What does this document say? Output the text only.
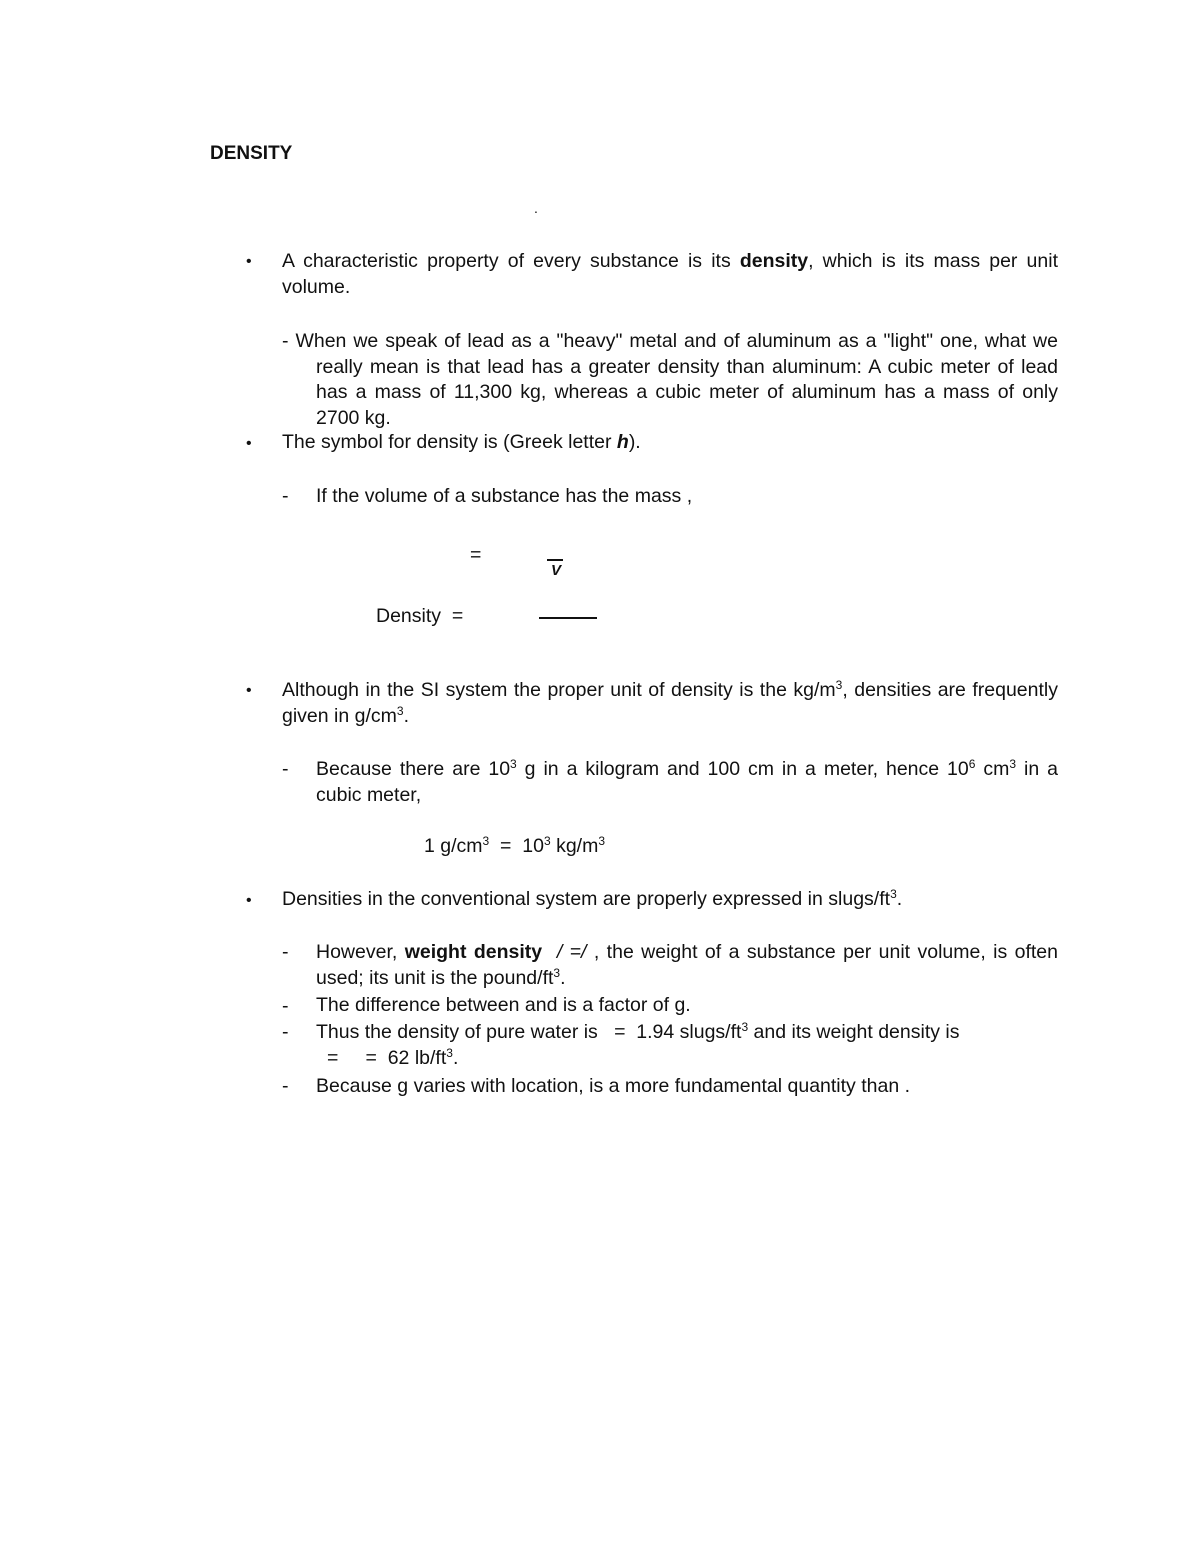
DENSITY
.
• A characteristic property of every substance is its density, which is its mass per unit volume.
- When we speak of lead as a "heavy" metal and of aluminum as a "light" one, what we really mean is that lead has a greater density than aluminum: A cubic meter of lead has a mass of 11,300 kg, whereas a cubic meter of aluminum has a mass of only 2700 kg.
• The symbol for density is (Greek letter h).
- If the volume of a substance has the mass ,
=
V
Density =
• Although in the SI system the proper unit of density is the $kg/m^3$, densities are frequently given in $g/cm^3$.
- Because there are $10^3$ g in a kilogram and 100 cm in a meter, hence $10^6$ $cm^3$ in a cubic meter,
1 $g/cm^3 = 10^3$ $kg/m^3$
• Densities in the conventional system are properly expressed in slugs/$ft^3$.
- However, weight density  / =/ , the weight of a substance per unit volume, is often used; its unit is the pound/$ft^3$.
- The difference between and is a factor of g.
- Thus the density of pure water is   =  1.94 slugs/$ft^3$ and its weight density is
=     =  62 $lb/ft^3$.
- Because g varies with location, is a more fundamental quantity than .
